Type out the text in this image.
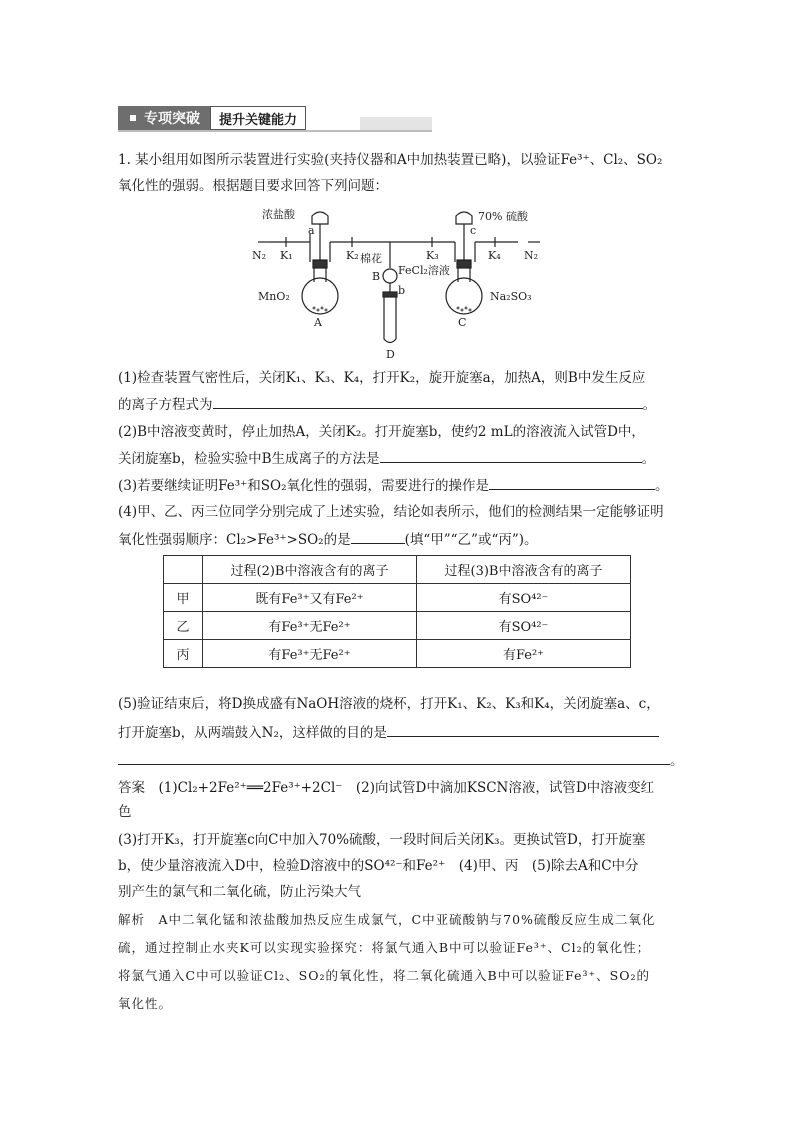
专项突破	提升关键能力
1. 某小组用如图所示装置进行实验(夹持仪器和A中加热装置已略)，以验证Fe³⁺、Cl₂、SO₂
氧化性的强弱。根据题目要求回答下列问题：
浓盐酸	70% 硫酸
a	c
N₂	N₂
K₁	K₂	K₃	K₄
棉花
B FeCl₂溶液
b
MnO₂	Na₂SO₃
A	C
D
(1)检查装置气密性后，关闭K₁、K₃、K₄，打开K₂，旋开旋塞a，加热A，则B中发生反应
的离子方程式为	。
(2)B中溶液变黄时，停止加热A，关闭K₂。打开旋塞b，使约2 mL的溶液流入试管D中，
关闭旋塞b，检验实验中B生成离子的方法是	。
(3)若要继续证明Fe³⁺和SO₂氧化性的强弱，需要进行的操作是	。
(4)甲、乙、丙三位同学分别完成了上述实验，结论如表所示，他们的检测结果一定能够证明
氧化性强弱顺序：Cl₂>Fe³⁺>SO₂的是	(填“甲”“乙”或“丙”)。
	过程(2)B中溶液含有的离子	过程(3)B中溶液含有的离子
甲	既有Fe³⁺又有Fe²⁺	有SO⁴²⁻
乙	有Fe³⁺无Fe²⁺	有SO⁴²⁻
丙	有Fe³⁺无Fe²⁺	有Fe²⁺
(5)验证结束后，将D换成盛有NaOH溶液的烧杯，打开K₁、K₂、K₃和K₄，关闭旋塞a、c，
打开旋塞b，从两端鼓入N₂，这样做的目的是
。
答案　 (1)Cl₂+2Fe²⁺══2Fe³⁺+2Cl⁻　(2)向试管D中滴加KSCN溶液，试管D中溶液变红
色
(3)打开K₃，打开旋塞c向C中加入70%硫酸，一段时间后关闭K₃。更换试管D，打开旋塞
b，使少量溶液流入D中，检验D溶液中的SO⁴²⁻和Fe²⁺　(4)甲、丙　(5)除去A和C中分
别产生的氯气和二氧化硫，防止污染大气
解析　 A中二氧化锰和浓盐酸加热反应生成氯气，C中亚硫酸钠与70%硫酸反应生成二氧化
硫，通过控制止水夹K可以实现实验探究：将氯气通入B中可以验证Fe³⁺、Cl₂的氧化性；
将氯气通入C中可以验证Cl₂、SO₂的氧化性，将二氧化硫通入B中可以验证Fe³⁺、SO₂的
氧化性。
